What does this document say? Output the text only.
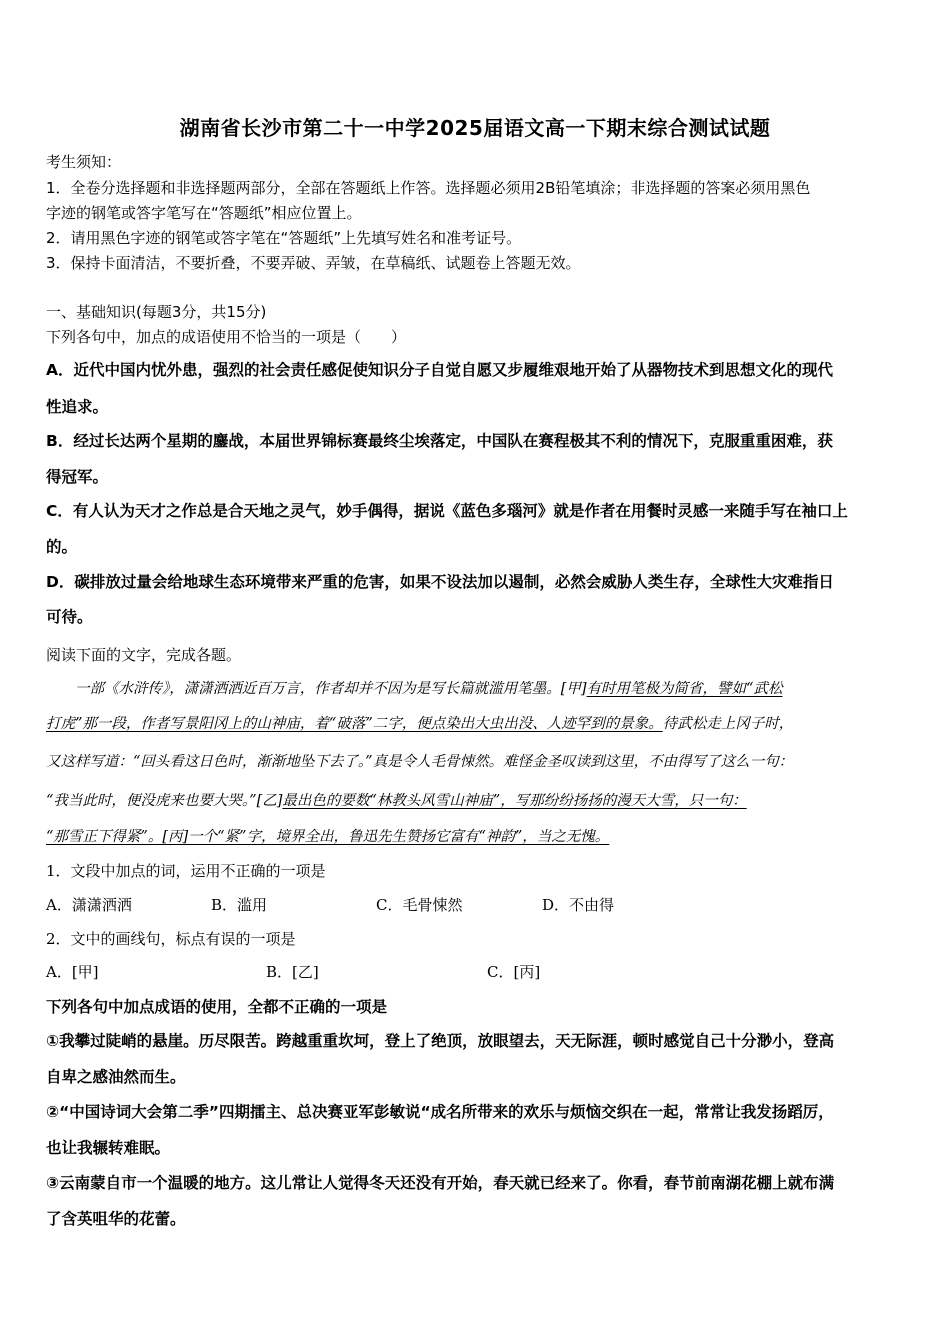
湖南省长沙市第二十一中学2025届语文高一下期末综合测试试题
考生须知：
1．全卷分选择题和非选择题两部分，全部在答题纸上作答。选择题必须用2B铅笔填涂；非选择题的答案必须用黑色
字迹的钢笔或答字笔写在“答题纸”相应位置上。
2．请用黑色字迹的钢笔或答字笔在“答题纸”上先填写姓名和准考证号。
3．保持卡面清洁，不要折叠，不要弄破、弄皱，在草稿纸、试题卷上答题无效。
一、基础知识(每题3分，共15分)
下列各句中，加点的成语使用不恰当的一项是（　　）
A．近代中国内忧外患，强烈的社会责任感促使知识分子自觉自愿又步履维艰地开始了从器物技术到思想文化的现代
性追求。
B．经过长达两个星期的鏖战，本届世界锦标赛最终尘埃落定，中国队在赛程极其不利的情况下，克服重重困难，获
得冠军。
C．有人认为天才之作总是合天地之灵气，妙手偶得，据说《蓝色多瑙河》就是作者在用餐时灵感一来随手写在袖口上
的。
D．碳排放过量会给地球生态环境带来严重的危害，如果不设法加以遏制，必然会威胁人类生存，全球性大灾难指日
可待。
阅读下面的文字，完成各题。
　　一部《水浒传》，潇潇洒洒近百万言，作者却并不因为是写长篇就滥用笔墨。[甲]有时用笔极为简省，譬如“武松
打虎”那一段，作者写景阳冈上的山神庙，着“破落”二字，便点染出大虫出没、人迹罕到的景象。待武松走上冈子时，
又这样写道：“回头看这日色时，渐渐地坠下去了。”真是令人毛骨悚然。难怪金圣叹读到这里，不由得写了这么一句：
“我当此时，便没虎来也要大哭。”[乙]最出色的要数“林教头风雪山神庙”，写那纷纷扬扬的漫天大雪，只一句：
“那雪正下得紧”。[丙]一个“紧”字，境界全出，鲁迅先生赞扬它富有“神韵”，当之无愧。
1．文段中加点的词，运用不正确的一项是
A．潇潇洒洒	B．滥用	C．毛骨悚然	D．不由得
2．文中的画线句，标点有误的一项是
A．[甲]	B．[乙]	C．[丙]
下列各句中加点成语的使用，全都不正确的一项是
①我攀过陡峭的悬崖。历尽限苦。跨越重重坎坷，登上了绝顶，放眼望去，天无际涯，顿时感觉自己十分渺小，登高
自卑之感油然而生。
②“中国诗词大会第二季”四期擂主、总决赛亚军彭敏说“成名所带来的欢乐与烦恼交织在一起，常常让我发扬蹈厉，
也让我辗转难眠。
③云南蒙自市一个温暖的地方。这儿常让人觉得冬天还没有开始，春天就已经来了。你看，春节前南湖花棚上就布满
了含英咀华的花蕾。
